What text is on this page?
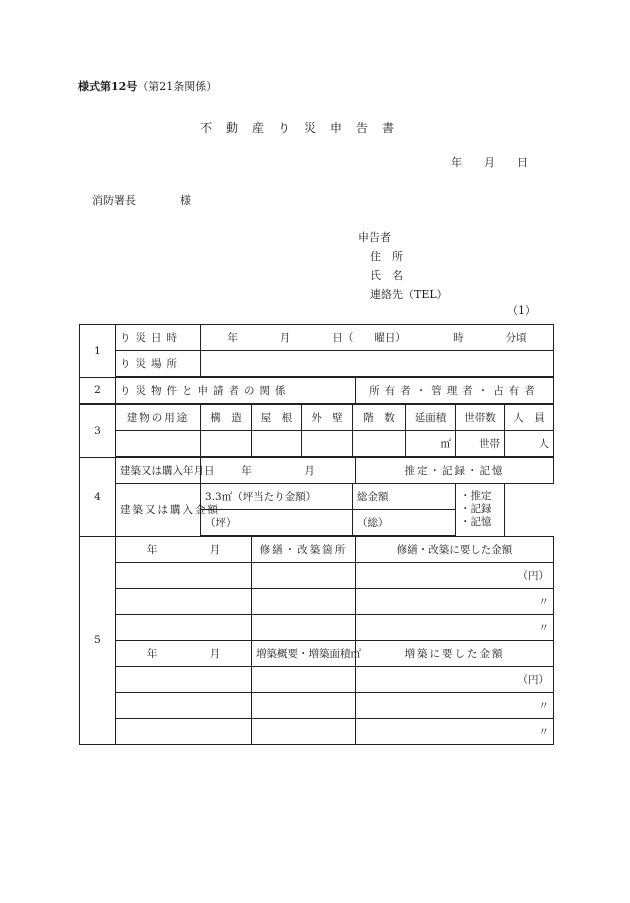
様式第12号（第21条関係）
不動産り災申告書
年　　月　　日
消防署長　　　　様
申告者
住　所
氏　名
連絡先（TEL）
（1）
1	り災日時	年　　　　月　　　　日（　　曜日）　　　　　時　　　　分頃							
	り災場所								
2	り災物件と申請者の関係					所有者・管理者・占有者			
3	建物の用途	構　造	屋　根	外　壁	階　数		延面積	世帯数	人　員
							㎡	世帯	人
4	建築又は購入年月日	年　　　　　月				推定・記録・記憶			
	建築又は購入金額	3.3㎡（坪当たり金額）			総金額			・推定
・記録
・記憶	

		（坪）			（総）				
5	年　　　　　月		修繕・改築箇所			修繕・改築に要した金額			
						（円）			
						〃			
						〃			
	年　　　　　月		増築概要・増築面積㎡			増築に要した金額			
						（円）			
						〃			
						〃			
